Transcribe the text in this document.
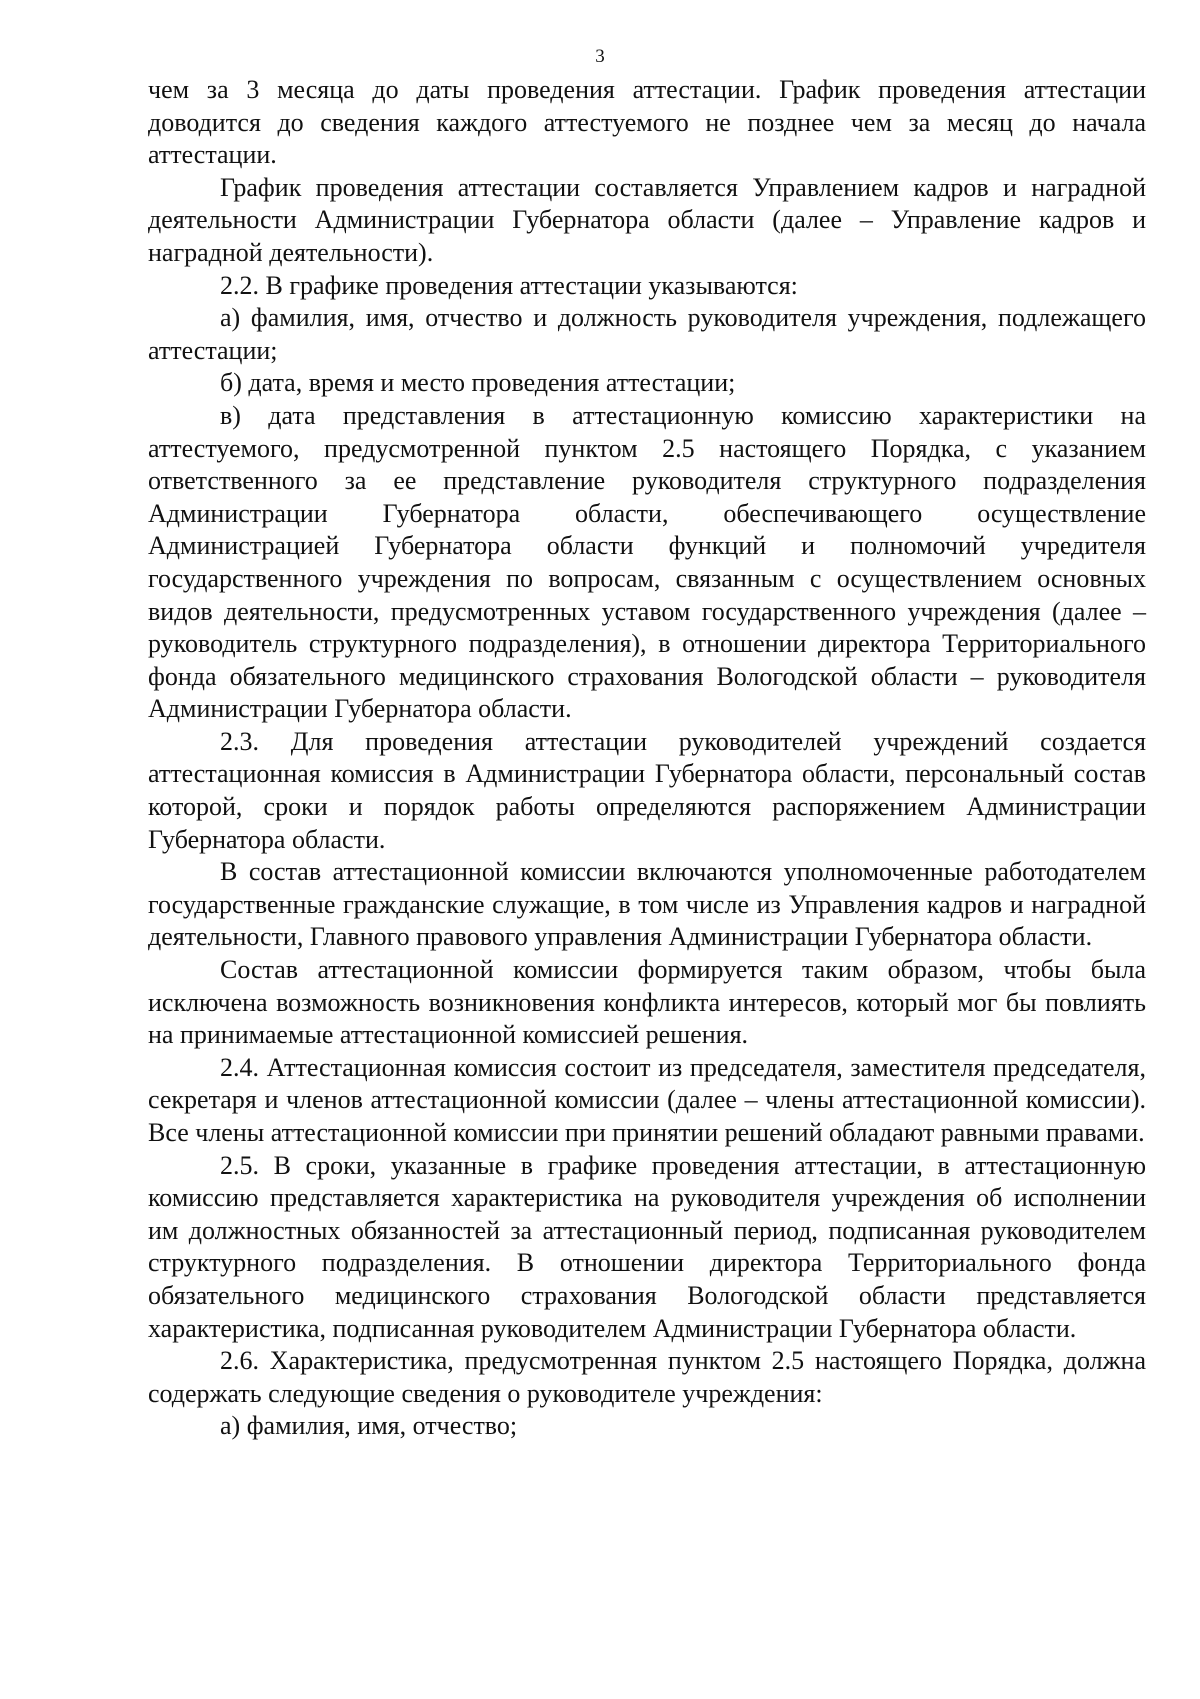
3

чем за 3 месяца до даты проведения аттестации. График проведения аттестации доводится до сведения каждого аттестуемого не позднее чем за месяц до начала аттестации.

График проведения аттестации составляется Управлением кадров и наградной деятельности Администрации Губернатора области (далее – Управление кадров и наградной деятельности).

2.2. В графике проведения аттестации указываются:

а) фамилия, имя, отчество и должность руководителя учреждения, подлежащего аттестации;

б) дата, время и место проведения аттестации;

в) дата представления в аттестационную комиссию характеристики на аттестуемого, предусмотренной пунктом 2.5 настоящего Порядка, с указанием ответственного за ее представление руководителя структурного подразделения Администрации Губернатора области, обеспечивающего осуществление Администрацией Губернатора области функций и полномочий учредителя государственного учреждения по вопросам, связанным с осуществлением основных видов деятельности, предусмотренных уставом государственного учреждения (далее – руководитель структурного подразделения), в отношении директора Территориального фонда обязательного медицинского страхования Вологодской области – руководителя Администрации Губернатора области.

2.3. Для проведения аттестации руководителей учреждений создается аттестационная комиссия в Администрации Губернатора области, персональный состав которой, сроки и порядок работы определяются распоряжением Администрации Губернатора области.

В состав аттестационной комиссии включаются уполномоченные работодателем государственные гражданские служащие, в том числе из Управления кадров и наградной деятельности, Главного правового управления Администрации Губернатора области.

Состав аттестационной комиссии формируется таким образом, чтобы была исключена возможность возникновения конфликта интересов, который мог бы повлиять на принимаемые аттестационной комиссией решения.

2.4. Аттестационная комиссия состоит из председателя, заместителя председателя, секретаря и членов аттестационной комиссии (далее – члены аттестационной комиссии). Все члены аттестационной комиссии при принятии решений обладают равными правами.

2.5. В сроки, указанные в графике проведения аттестации, в аттестационную комиссию представляется характеристика на руководителя учреждения об исполнении им должностных обязанностей за аттестационный период, подписанная руководителем структурного подразделения. В отношении директора Территориального фонда обязательного медицинского страхования Вологодской области представляется характеристика, подписанная руководителем Администрации Губернатора области.

2.6. Характеристика, предусмотренная пунктом 2.5 настоящего Порядка, должна содержать следующие сведения о руководителе учреждения:

а) фамилия, имя, отчество;
